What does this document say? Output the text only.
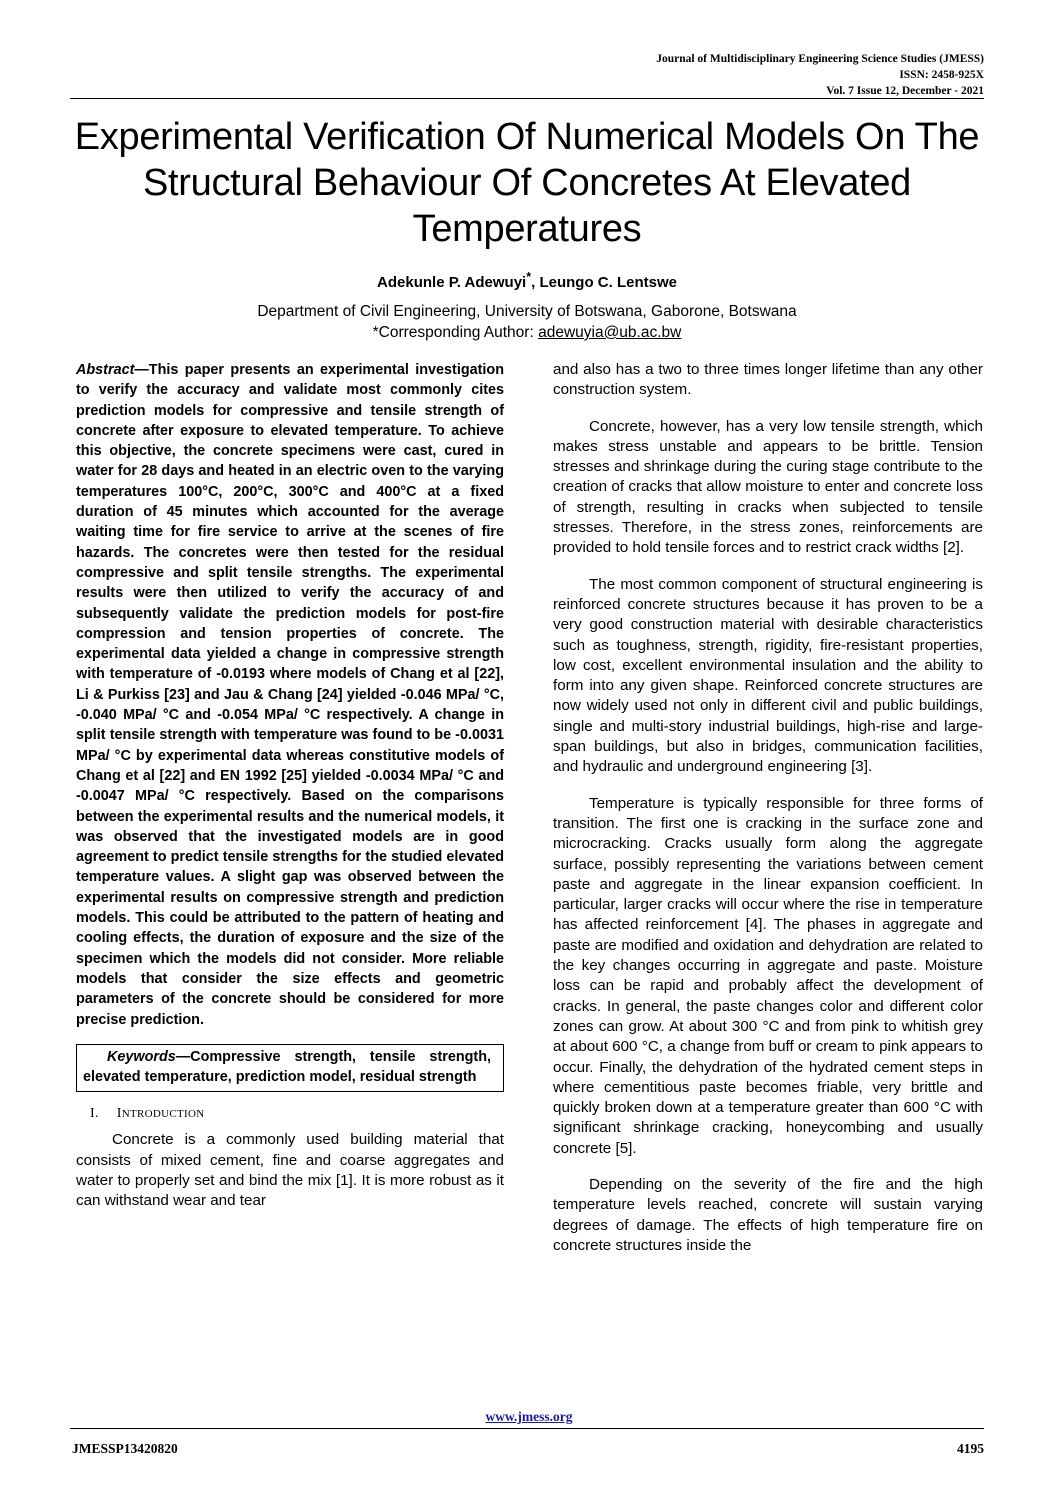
Journal of Multidisciplinary Engineering Science Studies (JMESS)
ISSN: 2458-925X
Vol. 7 Issue 12, December - 2021
Experimental Verification Of Numerical Models On The Structural Behaviour Of Concretes At Elevated Temperatures
Adekunle P. Adewuyi*, Leungo C. Lentswe
Department of Civil Engineering, University of Botswana, Gaborone, Botswana
*Corresponding Author: adewuyia@ub.ac.bw

Abstract—This paper presents an experimental investigation to verify the accuracy and validate most commonly cites prediction models for compressive and tensile strength of concrete after exposure to elevated temperature. To achieve this objective, the concrete specimens were cast, cured in water for 28 days and heated in an electric oven to the varying temperatures 100°C, 200°C, 300°C and 400°C at a fixed duration of 45 minutes which accounted for the average waiting time for fire service to arrive at the scenes of fire hazards. The concretes were then tested for the residual compressive and split tensile strengths. The experimental results were then utilized to verify the accuracy of and subsequently validate the prediction models for post-fire compression and tension properties of concrete. The experimental data yielded a change in compressive strength with temperature of -0.0193 where models of Chang et al [22], Li & Purkiss [23] and Jau & Chang [24] yielded -0.046 MPa/ °C, -0.040 MPa/ °C and -0.054 MPa/ °C respectively. A change in split tensile strength with temperature was found to be -0.0031 MPa/ °C by experimental data whereas constitutive models of Chang et al [22] and EN 1992 [25] yielded -0.0034 MPa/ °C and -0.0047 MPa/ °C respectively. Based on the comparisons between the experimental results and the numerical models, it was observed that the investigated models are in good agreement to predict tensile strengths for the studied elevated temperature values. A slight gap was observed between the experimental results on compressive strength and prediction models. This could be attributed to the pattern of heating and cooling effects, the duration of exposure and the size of the specimen which the models did not consider. More reliable models that consider the size effects and geometric parameters of the concrete should be considered for more precise prediction.

Keywords—Compressive strength, tensile strength, elevated temperature, prediction model, residual strength
I. INTRODUCTION

Concrete is a commonly used building material that consists of mixed cement, fine and coarse aggregates and water to properly set and bind the mix [1]. It is more robust as it can withstand wear and tear

and also has a two to three times longer lifetime than any other construction system.

Concrete, however, has a very low tensile strength, which makes stress unstable and appears to be brittle. Tension stresses and shrinkage during the curing stage contribute to the creation of cracks that allow moisture to enter and concrete loss of strength, resulting in cracks when subjected to tensile stresses. Therefore, in the stress zones, reinforcements are provided to hold tensile forces and to restrict crack widths [2].

The most common component of structural engineering is reinforced concrete structures because it has proven to be a very good construction material with desirable characteristics such as toughness, strength, rigidity, fire-resistant properties, low cost, excellent environmental insulation and the ability to form into any given shape. Reinforced concrete structures are now widely used not only in different civil and public buildings, single and multi-story industrial buildings, high-rise and large-span buildings, but also in bridges, communication facilities, and hydraulic and underground engineering [3].

Temperature is typically responsible for three forms of transition. The first one is cracking in the surface zone and microcracking. Cracks usually form along the aggregate surface, possibly representing the variations between cement paste and aggregate in the linear expansion coefficient. In particular, larger cracks will occur where the rise in temperature has affected reinforcement [4]. The phases in aggregate and paste are modified and oxidation and dehydration are related to the key changes occurring in aggregate and paste. Moisture loss can be rapid and probably affect the development of cracks. In general, the paste changes color and different color zones can grow. At about 300 °C and from pink to whitish grey at about 600 °C, a change from buff or cream to pink appears to occur. Finally, the dehydration of the hydrated cement steps in where cementitious paste becomes friable, very brittle and quickly broken down at a temperature greater than 600 °C with significant shrinkage cracking, honeycombing and usually concrete [5].

Depending on the severity of the fire and the high temperature levels reached, concrete will sustain varying degrees of damage. The effects of high temperature fire on concrete structures inside the

www.jmess.org
JMESSP13420820	4195
